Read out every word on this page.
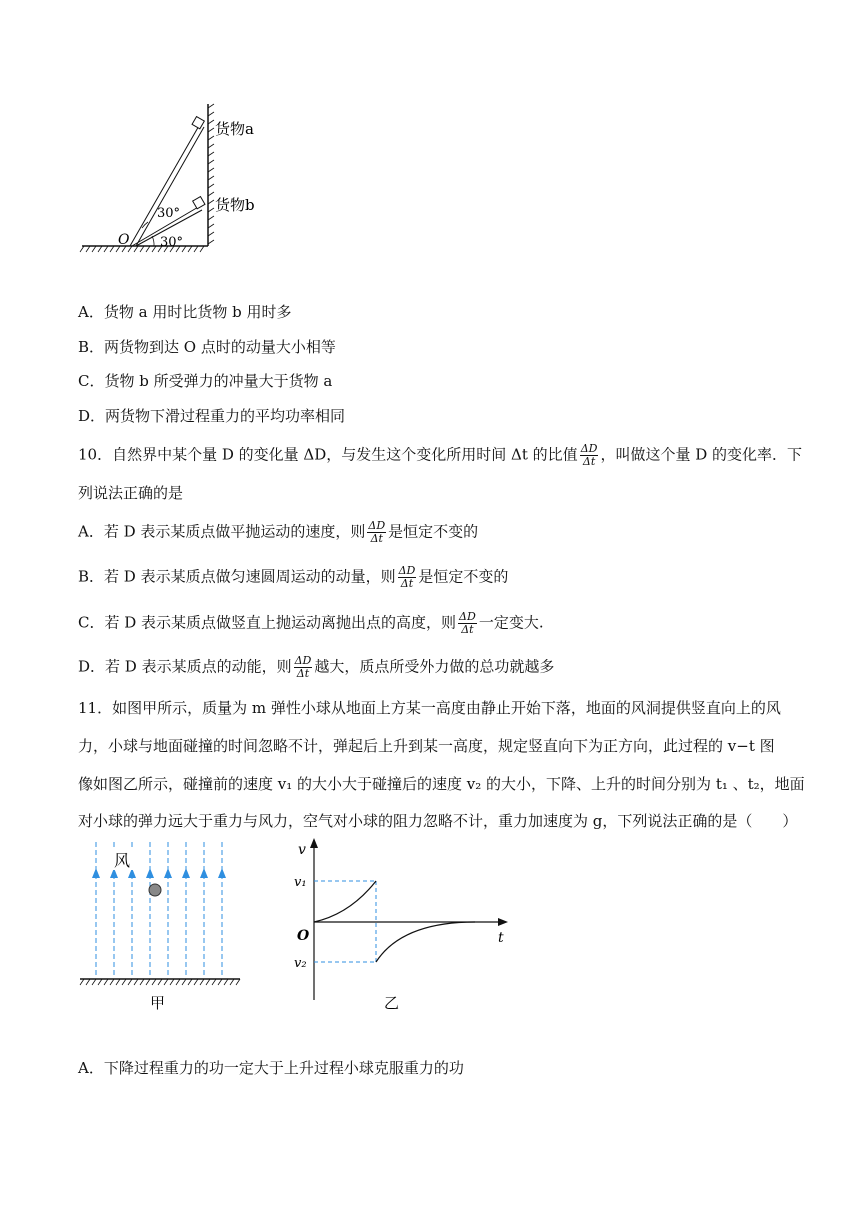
30°
30°
O
货物a
货物b
A．货物 a 用时比货物 b 用时多
B．两货物到达 O 点时的动量大小相等
C．货物 b 所受弹力的冲量大于货物 a
D．两货物下滑过程重力的平均功率相同
10．自然界中某个量 D 的变化量 ΔD，与发生这个变化所用时间 Δt 的比值 $\frac{\Delta D}{\Delta t}$ ，叫做这个量 D 的变化率．下
列说法正确的是
A．若 D 表示某质点做平抛运动的速度，则 $\frac{\Delta D}{\Delta t}$ 是恒定不变的
B．若 D 表示某质点做匀速圆周运动的动量，则 $\frac{\Delta D}{\Delta t}$ 是恒定不变的
C．若 D 表示某质点做竖直上抛运动离抛出点的高度，则 $\frac{\Delta D}{\Delta t}$ 一定变大.
D．若 D 表示某质点的动能，则 $\frac{\Delta D}{\Delta t}$ 越大，质点所受外力做的总功就越多
11．如图甲所示，质量为 m 弹性小球从地面上方某一高度由静止开始下落，地面的风洞提供竖直向上的风
力，小球与地面碰撞的时间忽略不计，弹起后上升到某一高度，规定竖直向下为正方向，此过程的 v−t 图
像如图乙所示，碰撞前的速度 v₁ 的大小大于碰撞后的速度 v₂ 的大小，下降、上升的时间分别为 t₁ 、t₂，地面
对小球的弹力远大于重力与风力，空气对小球的阻力忽略不计，重力加速度为 g，下列说法正确的是（　　）
风
甲
v
t
v₁
v₂
O
乙
A．下降过程重力的功一定大于上升过程小球克服重力的功
